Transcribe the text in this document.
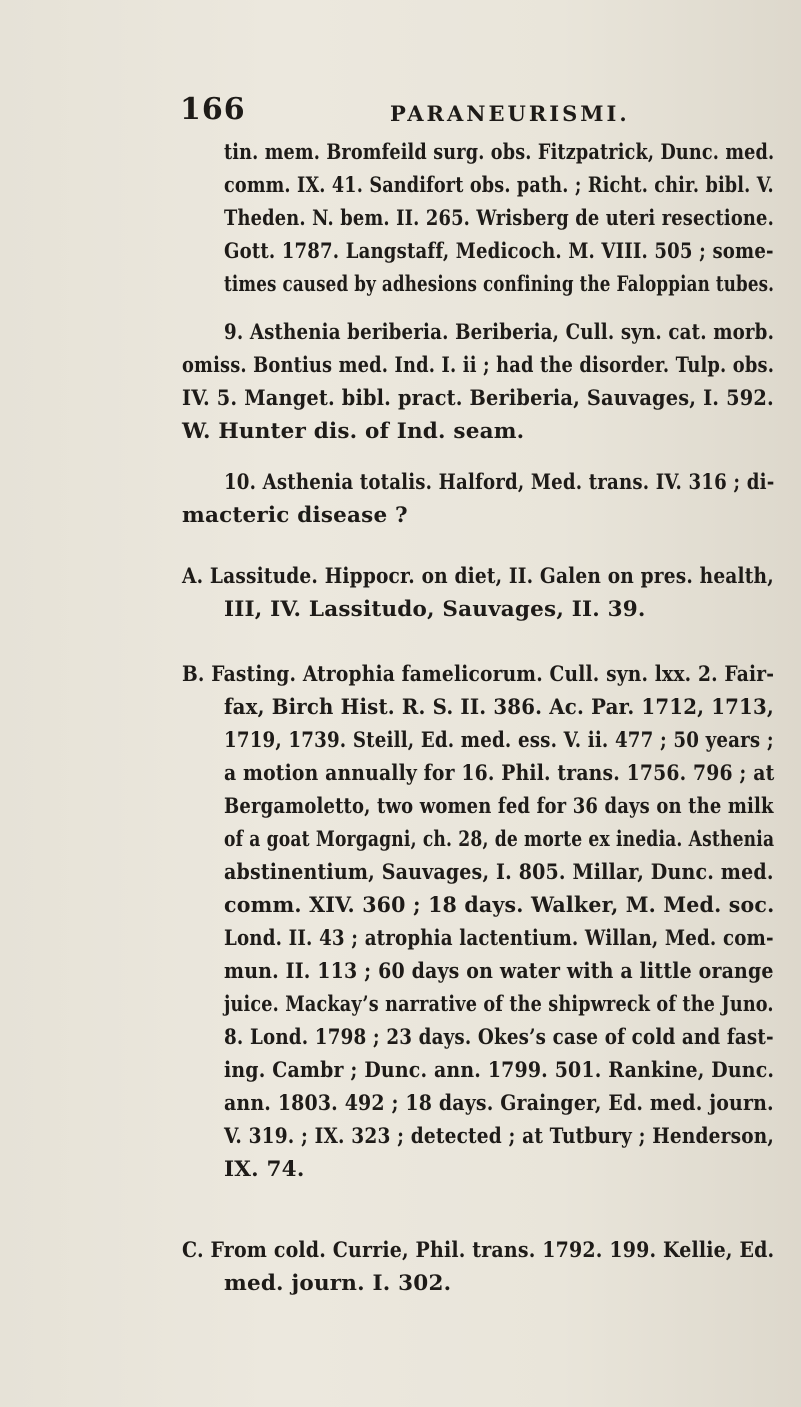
166	PARANEURISMI.
tin. mem. Bromfeild surg. obs. Fitzpatrick, Dunc. med.
comm. IX. 41. Sandifort obs. path. ; Richt. chir. bibl. V.
Theden. N. bem. II. 265. Wrisberg de uteri resectione.
Gott. 1787. Langstaff, Medicoch. M. VIII. 505 ; some-
times caused by adhesions confining the Faloppian tubes.
9. Asthenia beriberia. Beriberia, Cull. syn. cat. morb.
omiss. Bontius med. Ind. I. ii ; had the disorder. Tulp. obs.
IV. 5. Manget. bibl. pract. Beriberia, Sauvages, I. 592.
W. Hunter dis. of Ind. seam.
10. Asthenia totalis. Halford, Med. trans. IV. 316 ; di-
macteric disease ?
A. Lassitude. Hippocr. on diet, II. Galen on pres. health,
III, IV. Lassitudo, Sauvages, II. 39.
B. Fasting. Atrophia famelicorum. Cull. syn. lxx. 2. Fair-
fax, Birch Hist. R. S. II. 386. Ac. Par. 1712, 1713,
1719, 1739. Steill, Ed. med. ess. V. ii. 477 ; 50 years ;
a motion annually for 16. Phil. trans. 1756. 796 ; at
Bergamoletto, two women fed for 36 days on the milk
of a goat Morgagni, ch. 28, de morte ex inedia. Asthenia
abstinentium, Sauvages, I. 805. Millar, Dunc. med.
comm. XIV. 360 ; 18 days. Walker, M. Med. soc.
Lond. II. 43 ; atrophia lactentium. Willan, Med. com-
mun. II. 113 ; 60 days on water with a little orange
juice. Mackay’s narrative of the shipwreck of the Juno.
8. Lond. 1798 ; 23 days. Okes’s case of cold and fast-
ing. Cambr ; Dunc. ann. 1799. 501. Rankine, Dunc.
ann. 1803. 492 ; 18 days. Grainger, Ed. med. journ.
V. 319. ; IX. 323 ; detected ; at Tutbury ; Henderson,
IX. 74.
C. From cold. Currie, Phil. trans. 1792. 199. Kellie, Ed.
med. journ. I. 302.
